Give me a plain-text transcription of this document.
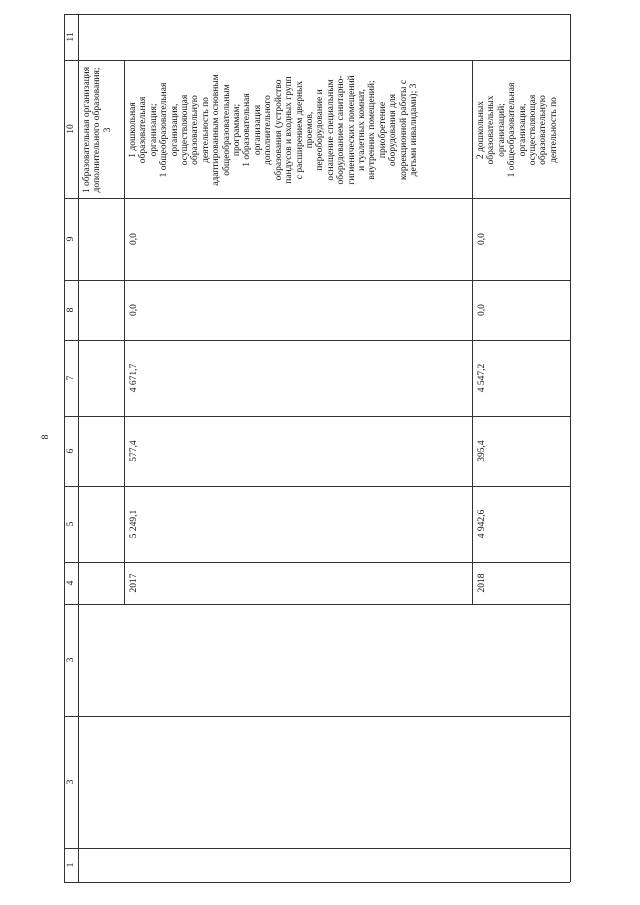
8
11
10
9
8
7
6
5
4
3
3
1
1 образовательная организация дополнительного образования; 3
2017
5 249,1
577,4
4 671,7
0,0
0,0

1 дошкольная образовательная организация; 1 общеобразовательная организация, осуществляющая образовательную деятельность по адаптированным основным общеобразовательным программам; 1 образовательная организация дополнительного образования (устройство пандусов и входных групп с расширением дверных проемов, переоборудование и оснащение специальным оборудованием санитарно- гигиенических помещений и туалетных комнат, внутренних помещений; приобретение оборудования для коррекционной работы с детьми инвалидами); 3

2018
4 942,6
395,4
4 547,2
0,0
0,0

2 дошкольных образовательных организаций; 1 общеобразовательная организация, осуществляющая образовательную деятельность по
